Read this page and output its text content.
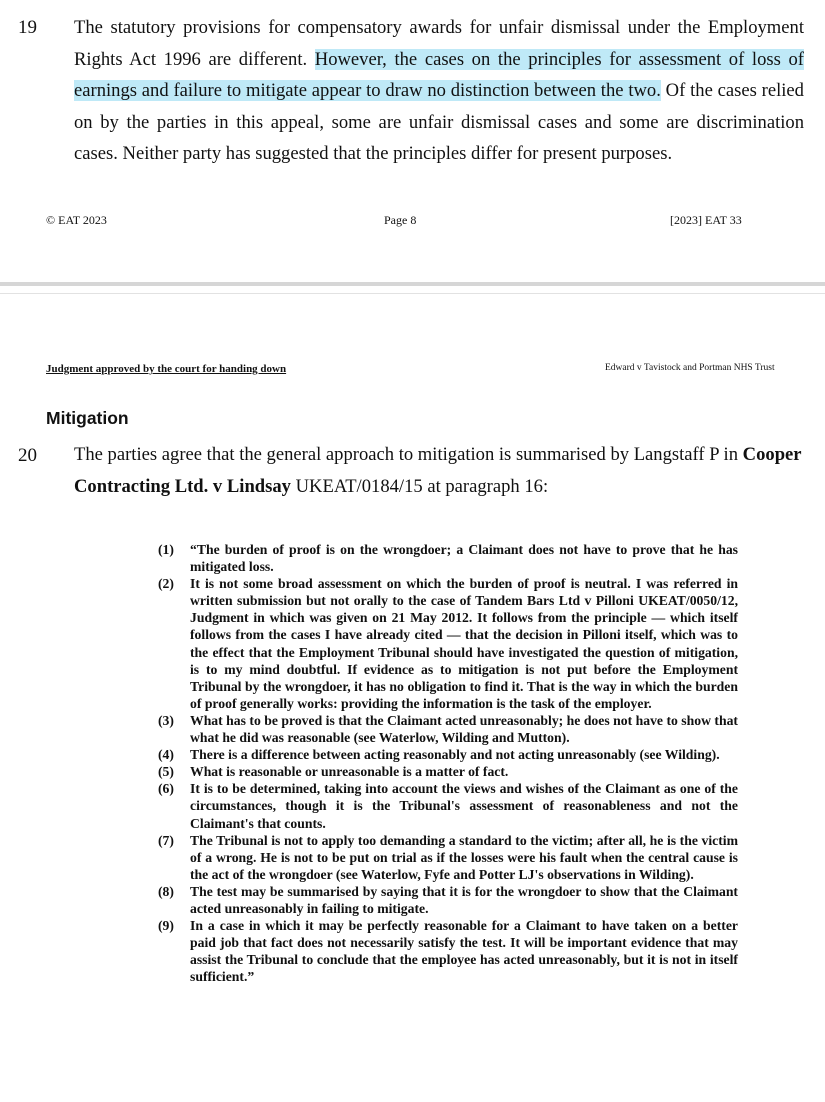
19 The statutory provisions for compensatory awards for unfair dismissal under the Employment Rights Act 1996 are different. However, the cases on the principles for assessment of loss of earnings and failure to mitigate appear to draw no distinction between the two. Of the cases relied on by the parties in this appeal, some are unfair dismissal cases and some are discrimination cases. Neither party has suggested that the principles differ for present purposes.
© EAT 2023	Page 8	[2023] EAT 33
Judgment approved by the court for handing down	Edward v Tavistock and Portman NHS Trust
Mitigation
20 The parties agree that the general approach to mitigation is summarised by Langstaff P in Cooper Contracting Ltd. v Lindsay UKEAT/0184/15 at paragraph 16:
(1) “The burden of proof is on the wrongdoer; a Claimant does not have to prove that he has mitigated loss.
(2) It is not some broad assessment on which the burden of proof is neutral. I was referred in written submission but not orally to the case of Tandem Bars Ltd v Pilloni UKEAT/0050/12, Judgment in which was given on 21 May 2012. It follows from the principle — which itself follows from the cases I have already cited — that the decision in Pilloni itself, which was to the effect that the Employment Tribunal should have investigated the question of mitigation, is to my mind doubtful. If evidence as to mitigation is not put before the Employment Tribunal by the wrongdoer, it has no obligation to find it. That is the way in which the burden of proof generally works: providing the information is the task of the employer.
(3) What has to be proved is that the Claimant acted unreasonably; he does not have to show that what he did was reasonable (see Waterlow, Wilding and Mutton).
(4) There is a difference between acting reasonably and not acting unreasonably (see Wilding).
(5) What is reasonable or unreasonable is a matter of fact.
(6) It is to be determined, taking into account the views and wishes of the Claimant as one of the circumstances, though it is the Tribunal's assessment of reasonableness and not the Claimant's that counts.
(7) The Tribunal is not to apply too demanding a standard to the victim; after all, he is the victim of a wrong. He is not to be put on trial as if the losses were his fault when the central cause is the act of the wrongdoer (see Waterlow, Fyfe and Potter LJ's observations in Wilding).
(8) The test may be summarised by saying that it is for the wrongdoer to show that the Claimant acted unreasonably in failing to mitigate.
(9) In a case in which it may be perfectly reasonable for a Claimant to have taken on a better paid job that fact does not necessarily satisfy the test. It will be important evidence that may assist the Tribunal to conclude that the employee has acted unreasonably, but it is not in itself sufficient.”
